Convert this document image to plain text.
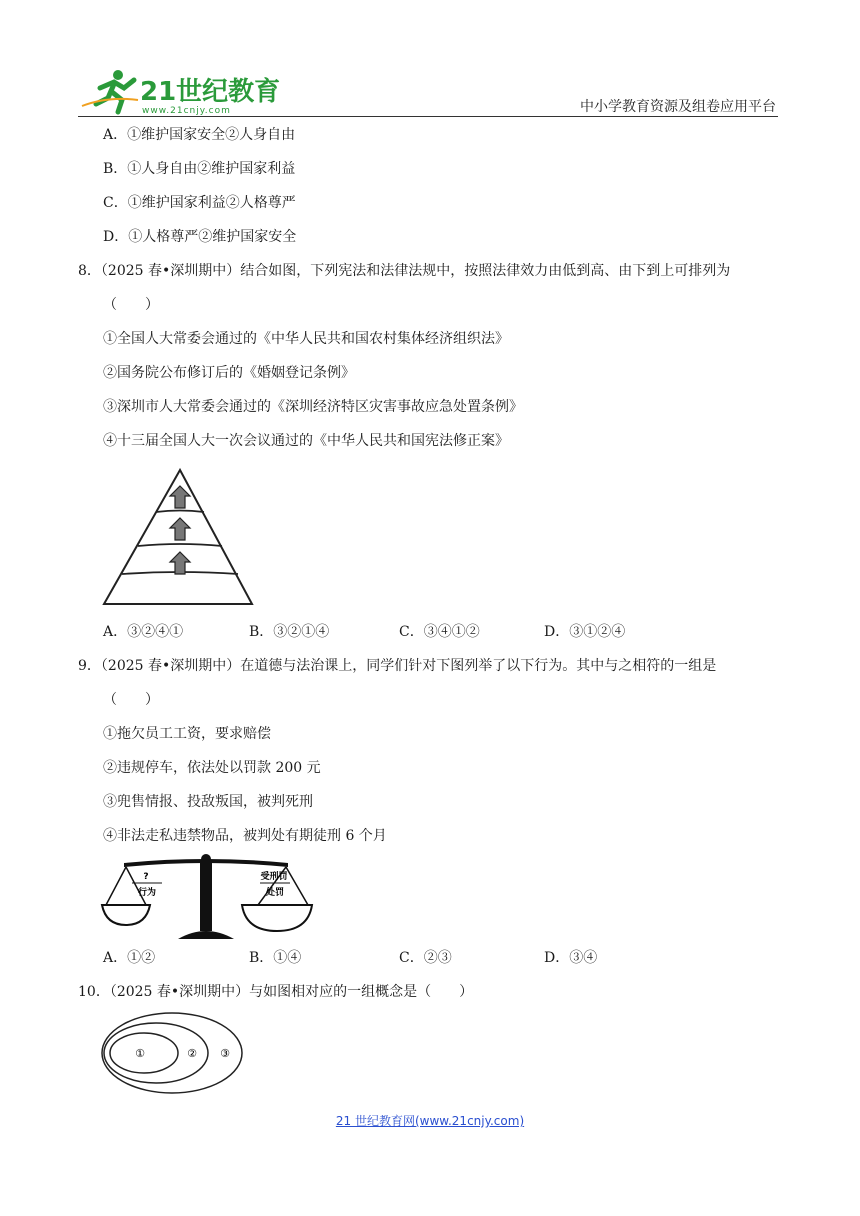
21世纪教育
www.21cnjy.com	中小学教育资源及组卷应用平台
A．①维护国家安全②人身自由
B．①人身自由②维护国家利益
C．①维护国家利益②人格尊严
D．①人格尊严②维护国家安全
8．（2025 春•深圳期中）结合如图，下列宪法和法律法规中，按照法律效力由低到高、由下到上可排列为
（　　）
①全国人大常委会通过的《中华人民共和国农村集体经济组织法》
②国务院公布修订后的《婚姻登记条例》
③深圳市人大常委会通过的《深圳经济特区灾害事故应急处置条例》
④十三届全国人大一次会议通过的《中华人民共和国宪法修正案》
A．③②④①	B．③②①④	C．③④①②	D．③①②④
9．（2025 春•深圳期中）在道德与法治课上，同学们针对下图列举了以下行为。其中与之相符的一组是
（　　）
①拖欠员工工资，要求赔偿
②违规停车，依法处以罚款 200 元
③兜售情报、投敌叛国，被判死刑
④非法走私违禁物品，被判处有期徒刑 6 个月
?
行为
受刑罚
处罚
A．①②	B．①④	C．②③	D．③④
10．（2025 春•深圳期中）与如图相对应的一组概念是（　　）
①	② ③
21 世纪教育网(www.21cnjy.com)
